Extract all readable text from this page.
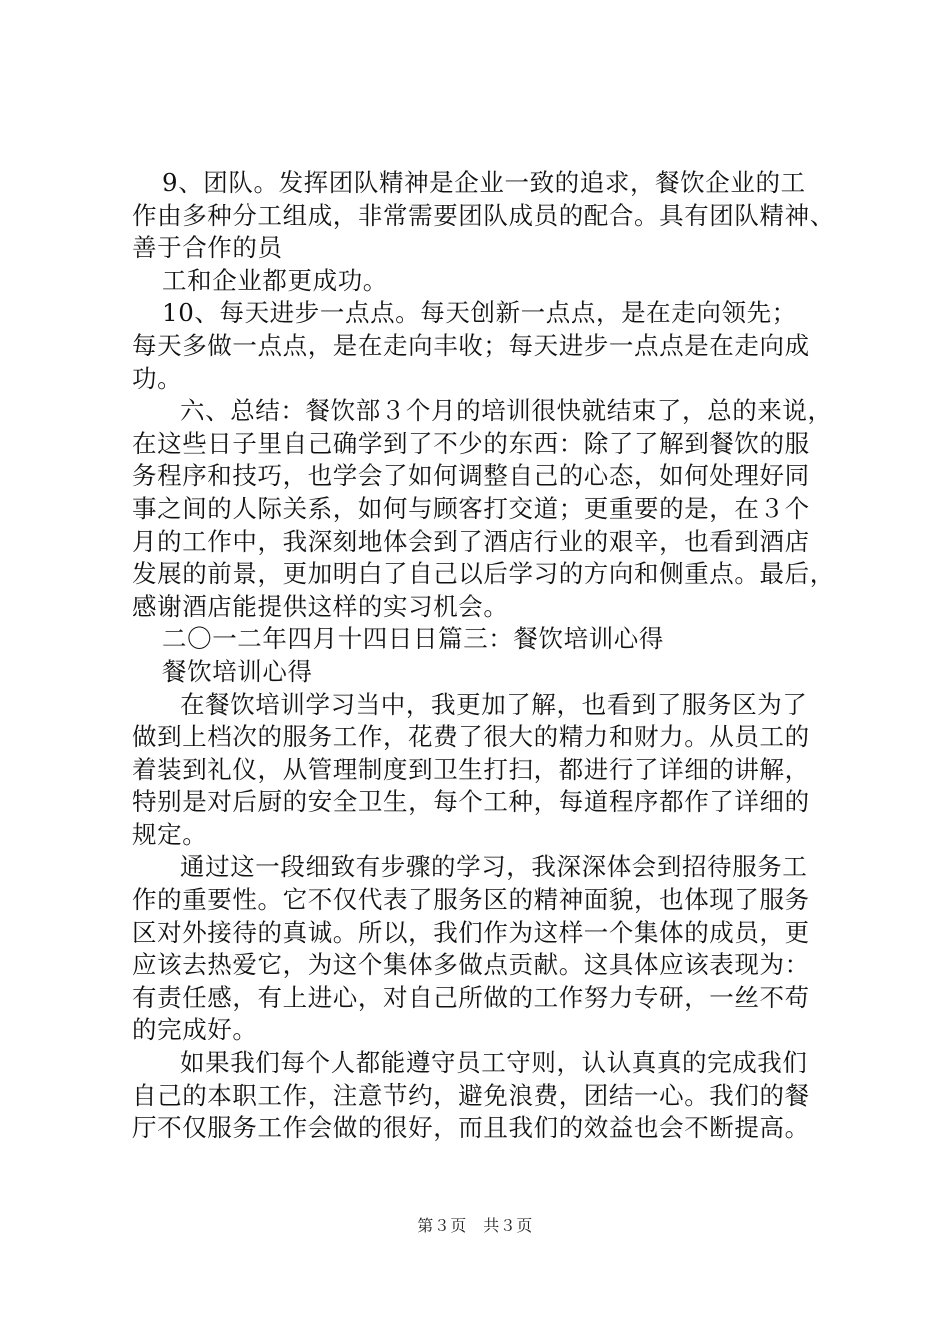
9、团队。发挥团队精神是企业一致的追求，餐饮企业的工
作由多种分工组成，非常需要团队成员的配合。具有团队精神、
善于合作的员
工和企业都更成功。
10、每天进步一点点。每天创新一点点，是在走向领先；
每天多做一点点，是在走向丰收；每天进步一点点是在走向成
功。
六、总结：餐饮部３个月的培训很快就结束了，总的来说，
在这些日子里自己确学到了不少的东西：除了了解到餐饮的服
务程序和技巧，也学会了如何调整自己的心态，如何处理好同
事之间的人际关系，如何与顾客打交道；更重要的是，在３个
月的工作中，我深刻地体会到了酒店行业的艰辛，也看到酒店
发展的前景，更加明白了自己以后学习的方向和侧重点。最后，
感谢酒店能提供这样的实习机会。
二〇一二年四月十四日日篇三：餐饮培训心得
餐饮培训心得
在餐饮培训学习当中，我更加了解，也看到了服务区为了
做到上档次的服务工作，花费了很大的精力和财力。从员工的
着装到礼仪，从管理制度到卫生打扫，都进行了详细的讲解，
特别是对后厨的安全卫生，每个工种，每道程序都作了详细的
规定。
通过这一段细致有步骤的学习，我深深体会到招待服务工
作的重要性。它不仅代表了服务区的精神面貌，也体现了服务
区对外接待的真诚。所以，我们作为这样一个集体的成员，更
应该去热爱它，为这个集体多做点贡献。这具体应该表现为：
有责任感，有上进心，对自己所做的工作努力专研，一丝不苟
的完成好。
如果我们每个人都能遵守员工守则，认认真真的完成我们
自己的本职工作，注意节约，避免浪费，团结一心。我们的餐
厅不仅服务工作会做的很好，而且我们的效益也会不断提高。
第３页　共３页
